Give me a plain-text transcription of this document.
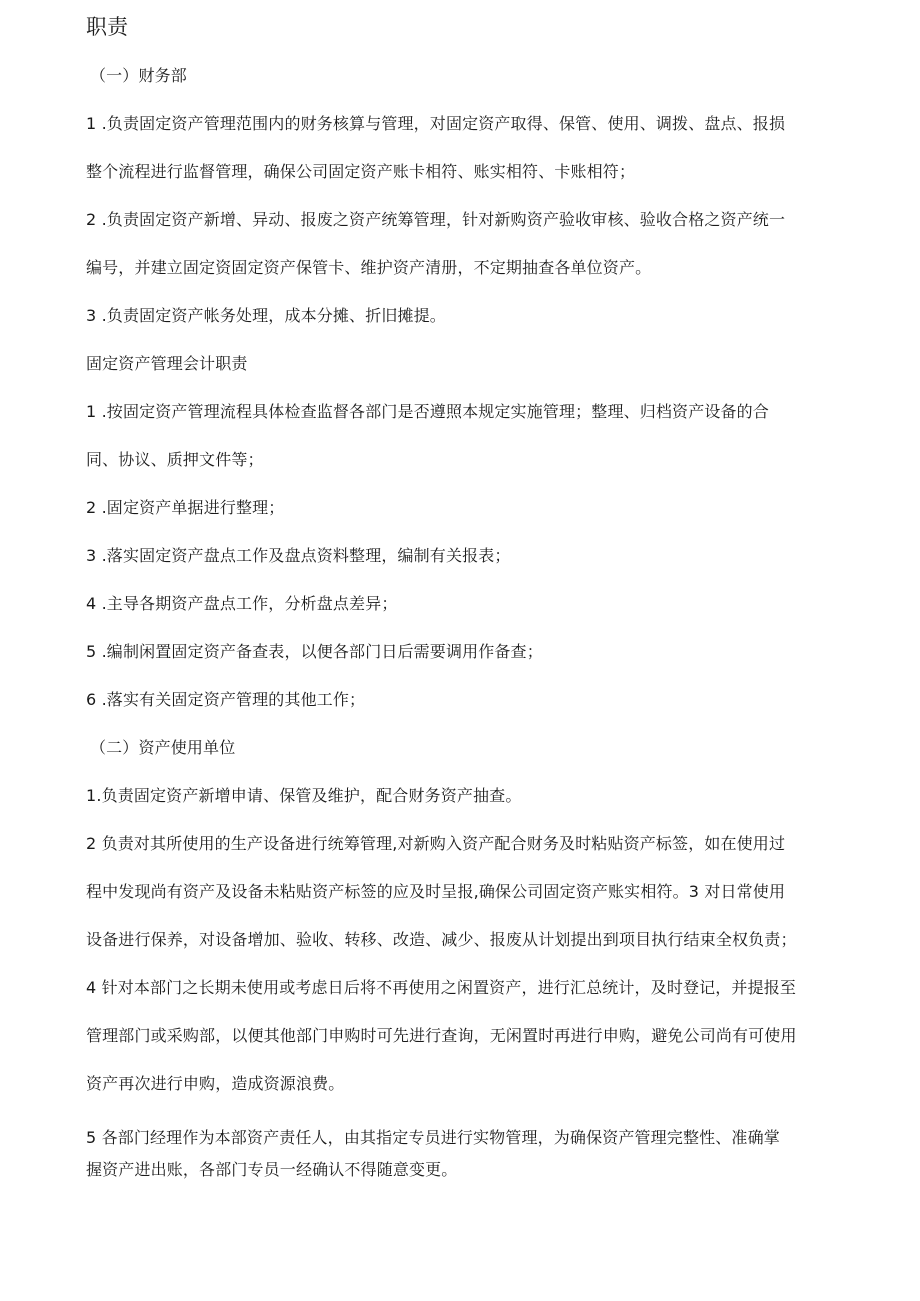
职责
（一）财务部
1 .负责固定资产管理范围内的财务核算与管理，对固定资产取得、保管、使用、调拨、盘点、报损
整个流程进行监督管理，确保公司固定资产账卡相符、账实相符、卡账相符；
2 .负责固定资产新增、异动、报废之资产统筹管理，针对新购资产验收审核、验收合格之资产统一
编号，并建立固定资固定资产保管卡、维护资产清册，不定期抽查各单位资产。
3 .负责固定资产帐务处理，成本分摊、折旧摊提。
固定资产管理会计职责
1 .按固定资产管理流程具体检查监督各部门是否遵照本规定实施管理；整理、归档资产设备的合
同、协议、质押文件等；
2 .固定资产单据进行整理；
3 .落实固定资产盘点工作及盘点资料整理，编制有关报表；
4 .主导各期资产盘点工作，分析盘点差异；
5 .编制闲置固定资产备查表，以便各部门日后需要调用作备查；
6 .落实有关固定资产管理的其他工作；
（二）资产使用单位
1.负责固定资产新增申请、保管及维护，配合财务资产抽查。
2 负责对其所使用的生产设备进行统筹管理,对新购入资产配合财务及时粘贴资产标签，如在使用过
程中发现尚有资产及设备未粘贴资产标签的应及时呈报,确保公司固定资产账实相符。3 对日常使用
设备进行保养，对设备增加、验收、转移、改造、减少、报废从计划提出到项目执行结束全权负责；
4 针对本部门之长期未使用或考虑日后将不再使用之闲置资产，进行汇总统计，及时登记，并提报至
管理部门或采购部，以便其他部门申购时可先进行查询，无闲置时再进行申购，避免公司尚有可使用
资产再次进行申购，造成资源浪费。
5 各部门经理作为本部资产责任人，由其指定专员进行实物管理，为确保资产管理完整性、准确掌
握资产进出账，各部门专员一经确认不得随意变更。
